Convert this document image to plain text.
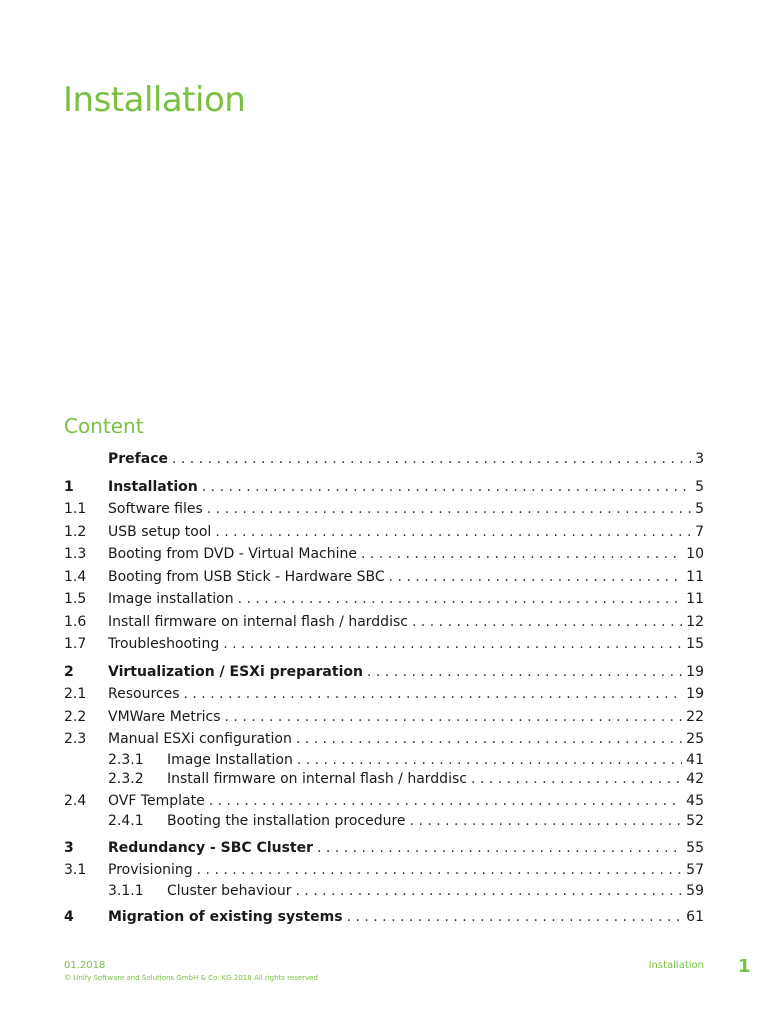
Installation
Content
Preface . . .	3
1	Installation . . .	5
1.1	Software files . . .	5
1.2	USB setup tool . . .	7
1.3	Booting from DVD - Virtual Machine . . .	10
1.4	Booting from USB Stick - Hardware SBC . . .	11
1.5	Image installation . . .	11
1.6	Install firmware on internal flash / harddisc . . .	12
1.7	Troubleshooting . . .	15
2	Virtualization / ESXi preparation . . .	19
2.1	Resources . . .	19
2.2	VMWare Metrics . . .	22
2.3	Manual ESXi configuration . . .	25
2.3.1	Image Installation . . .	41
2.3.2	Install firmware on internal flash / harddisc . . .	42
2.4	OVF Template . . .	45
2.4.1	Booting the installation procedure . . .	52
3	Redundancy - SBC Cluster . . .	55
3.1	Provisioning . . .	57
3.1.1	Cluster behaviour . . .	59
4	Migration of existing systems . . .	61
01.2018
© Unify Software and Solutions GmbH & Co. KG 2018 All rights reserved
Installation 1
